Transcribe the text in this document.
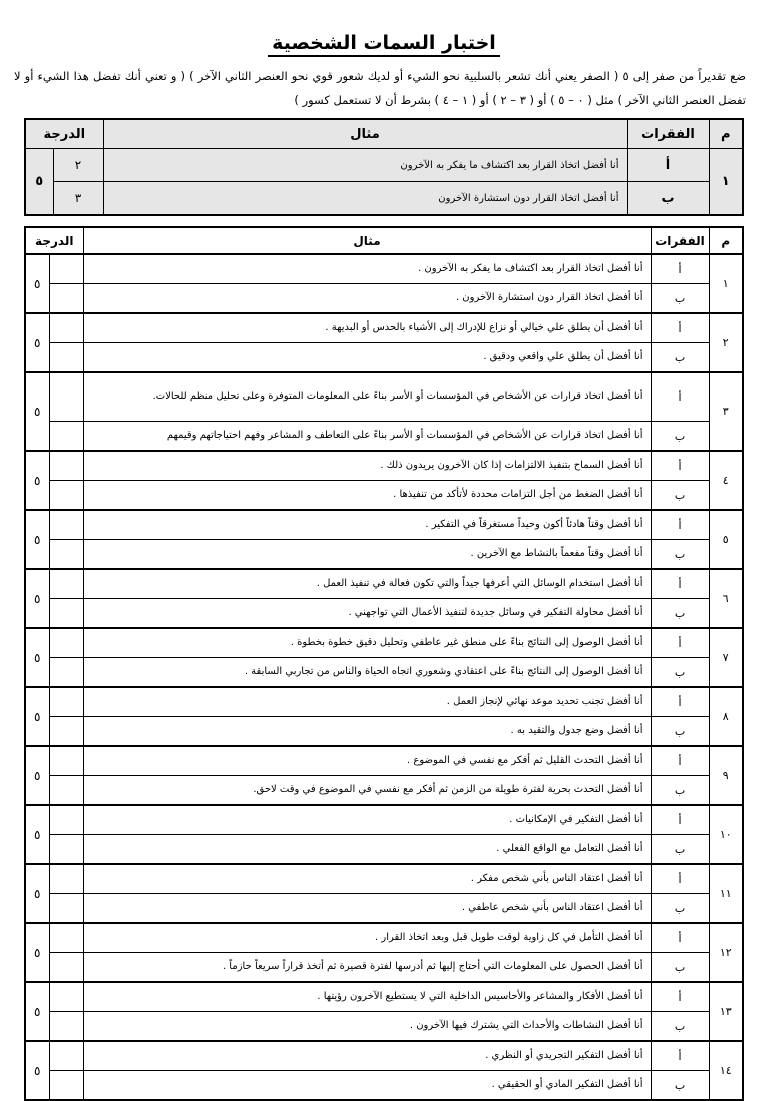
اختبار السمات الشخصية
ضع تقديراً من صفر إلى ٥ ( الصفر يعني أنك تشعر بالسلبية نحو الشيء أو لديك شعور قوي نحو العنصر الثاني الآخر ) ( و تعني أنك تفضل هذا الشيء أو لا تفضل العنصر الثاني الآخر ) مثل ( ٠ – ٥ ) أو ( ٣ – ٢ ) أو ( ١ – ٤ ) بشرط أن لا تستعمل كسور )
م	الفقرات	مثال	الدرجة	
١	أ	أنا أفضل اتخاذ القرار بعد اكتشاف ما يفكر به الآخرون	٢	٥
	ب	أنا أفضل اتخاذ القرار دون استشارة الآخرون	٣	
م	الفقرات	مثال	الدرجة	
١	أ	أنا أفضل اتخاذ القرار بعد اكتشاف ما يفكر به الآخرون .		٥
	ب	أنا أفضل اتخاذ القرار دون استشارة الآخرون .		
٢	أ	أنا أفضل أن يطلق علي خيالي أو نزاع للإدراك إلى الأشياء بالحدس أو البديهة .		٥
	ب	أنا أفضل أن يطلق علي واقعي ودقيق .		
٣	أ	أنا أفضل اتخاذ قرارات عن الأشخاص في المؤسسات أو الأسر بناءً على المعلومات المتوفرة وعلى تحليل منظم للحالات.		٥
	ب	أنا أفضل اتخاذ قرارات عن الأشخاص في المؤسسات أو الأسر بناءً على التعاطف و المشاعر وفهم احتياجاتهم وقيمهم		
٤	أ	أنا أفضل السماح بتنفيذ الالتزامات إذا كان الآخرون يريدون ذلك .		٥
	ب	أنا أفضل الضغط من أجل التزامات محددة لأتأكد من تنفيذها .		
٥	أ	أنا أفضل وقتاً هادئاً أكون وحيداً مستغرقاً في التفكير .		٥
	ب	أنا أفضل وقتاً مفعماً بالنشاط مع الآخرين .		
٦	أ	أنا أفضل استخدام الوسائل التي أعرفها جيداً والتي تكون فعالة في تنفيذ العمل .		٥
	ب	أنا أفضل محاولة التفكير في وسائل جديدة لتنفيذ الأعمال التي تواجهني .		
٧	أ	أنا أفضل الوصول إلى النتائج بناءً على منطق غير عاطفي وتحليل دقيق خطوة بخطوة .		٥
	ب	أنا أفضل الوصول إلى النتائج بناءً على اعتقادي وشعوري اتجاه الحياة والناس من تجاربي السابقة .		
٨	أ	أنا أفضل تجنب تحديد موعد نهائي لإنجاز العمل .		٥
	ب	أنا أفضل وضع جدول والتقيد به .		
٩	أ	أنا أفضل التحدث القليل ثم أفكر مع نفسي في الموضوع .		٥
	ب	أنا أفضل التحدث بحرية لفترة طويلة من الزمن ثم أفكر مع نفسي في الموضوع في وقت لاحق.		
١٠	أ	أنا أفضل التفكير في الإمكانيات .		٥
	ب	أنا أفضل التعامل مع الواقع الفعلي .		
١١	أ	أنا أفضل اعتقاد الناس بأني شخص مفكر .		٥
	ب	أنا أفضل اعتقاد الناس بأني شخص عاطفي .		
١٢	أ	أنا أفضل التأمل في كل زاوية لوقت طويل قبل وبعد اتخاذ القرار .		٥
	ب	أنا أفضل الحصول على المعلومات التي أحتاج إليها ثم أدرسها لفترة قصيرة ثم أتخذ قراراً سريعاً حازماً .		
١٣	أ	أنا أفضل الأفكار والمشاعر والأحاسيس الداخلية التي لا يستطيع الآخرون رؤيتها .		٥
	ب	أنا أفضل النشاطات والأحداث التي يشترك فيها الآخرون .		
١٤	أ	أنا أفضل التفكير التجريدي أو النظري .		٥
	ب	أنا أفضل التفكير المادي أو الحقيقي .		
